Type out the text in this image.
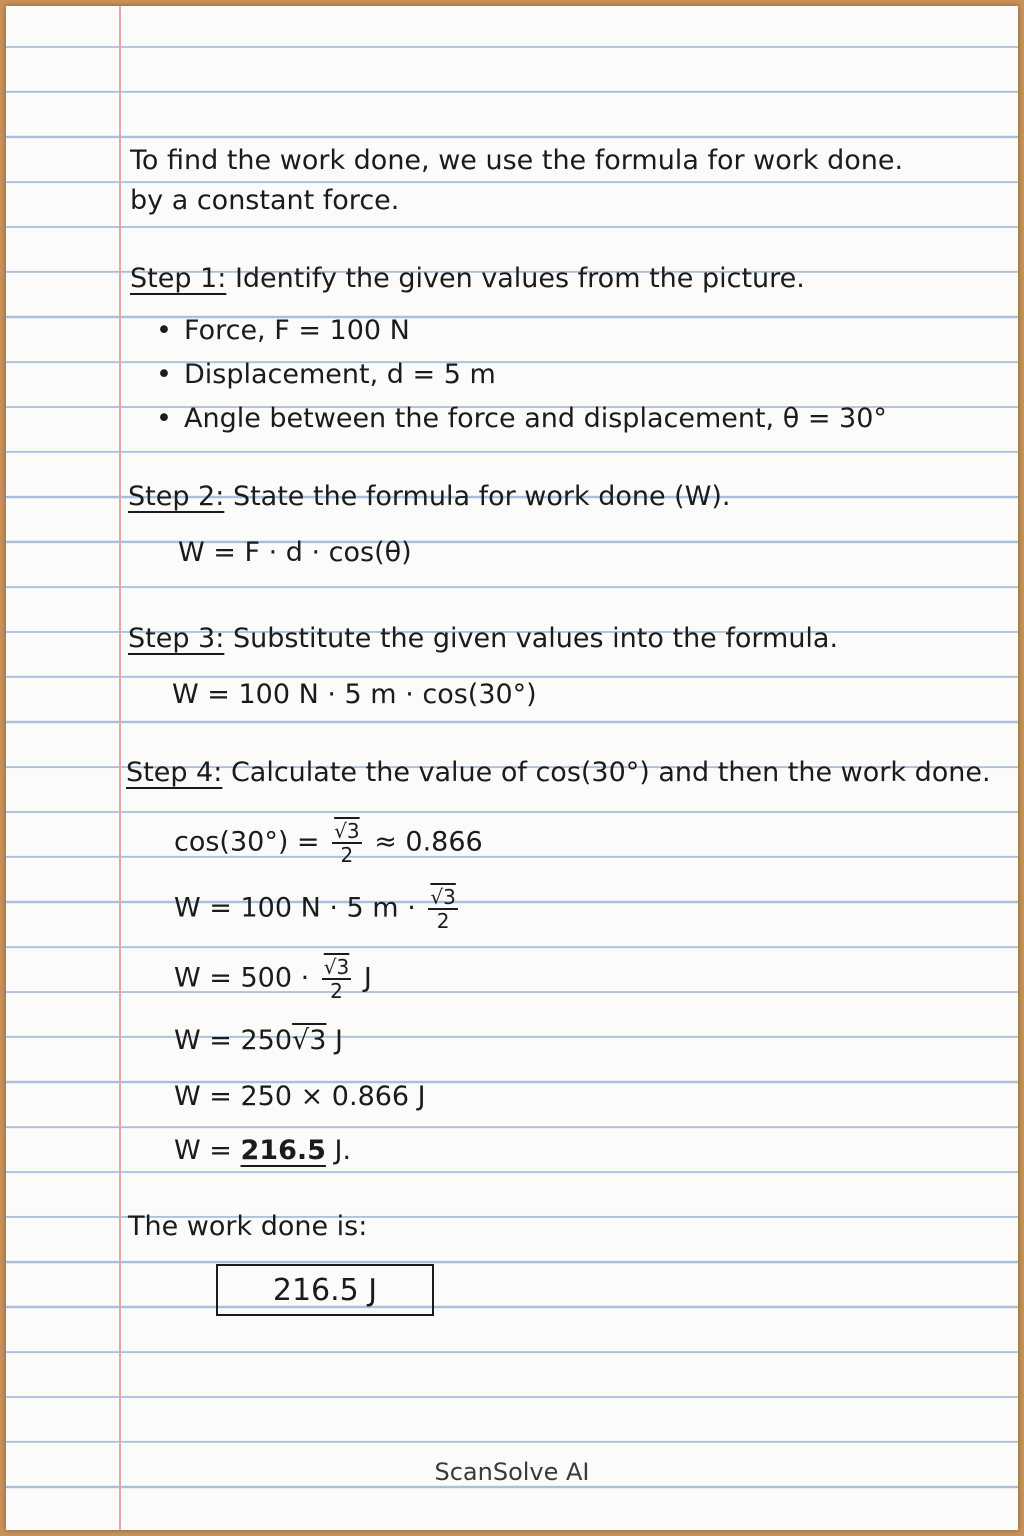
To find the work done, we use the formula for work done.
by a constant force.
Step 1: Identify the given values from the picture.
• Force, F = 100 N
• Displacement, d = 5 m
• Angle between the force and displacement, θ = 30°
Step 2: State the formula for work done (W).
W = F · d · cos(θ)
Step 3: Substitute the given values into the formula.
W = 100 N · 5 m · cos(30°)
Step 4: Calculate the value of cos(30°) and then the work done.
$\cos(30^\circ) = \frac{√3}{2} \approx 0.866$
W = 100 N · 5 $m \cdot \frac{√3}{2}$
$W = 500 \cdot \frac{√3}{2}$ J
W = 250√3 J
W = 250 × 0.866 J
W = 216.5 J.
The work done is:
216.5 J
ScanSolve AI
